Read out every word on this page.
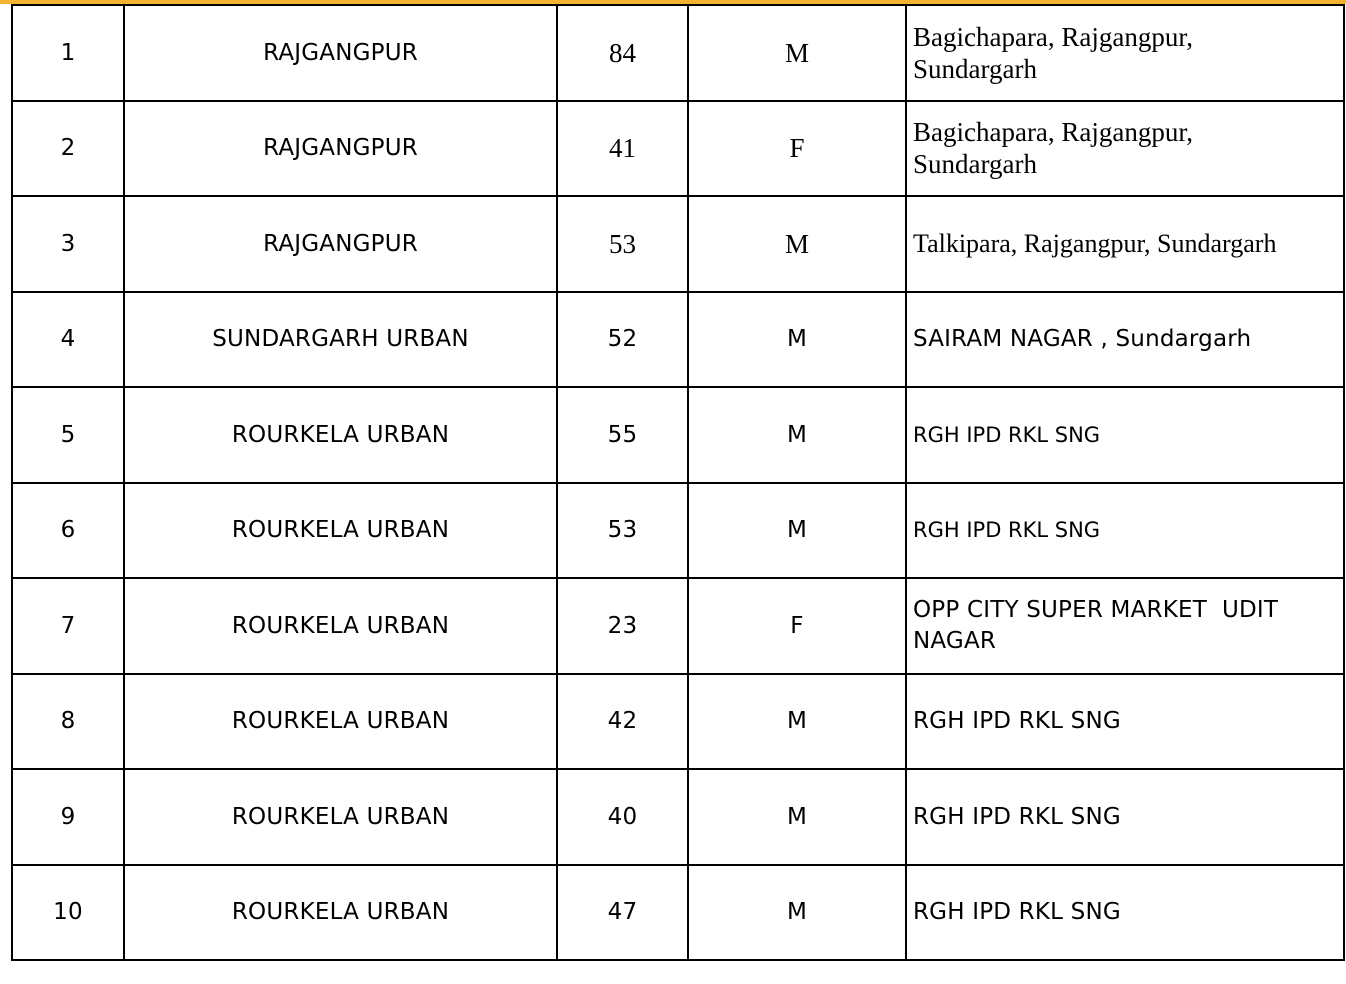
1	RAJGANGPUR	84	M	Bagichapara, Rajgangpur, Sundargarh
2	RAJGANGPUR	41	F	Bagichapara, Rajgangpur, Sundargarh
3	RAJGANGPUR	53	M	Talkipara, Rajgangpur, Sundargarh
4	SUNDARGARH URBAN	52	M	SAIRAM NAGAR , Sundargarh
5	ROURKELA URBAN	55	M	RGH IPD RKL SNG
6	ROURKELA URBAN	53	M	RGH IPD RKL SNG
7	ROURKELA URBAN	23	F	OPP CITY SUPER MARKET  UDIT NAGAR
8	ROURKELA URBAN	42	M	RGH IPD RKL SNG
9	ROURKELA URBAN	40	M	RGH IPD RKL SNG
10	ROURKELA URBAN	47	M	RGH IPD RKL SNG
